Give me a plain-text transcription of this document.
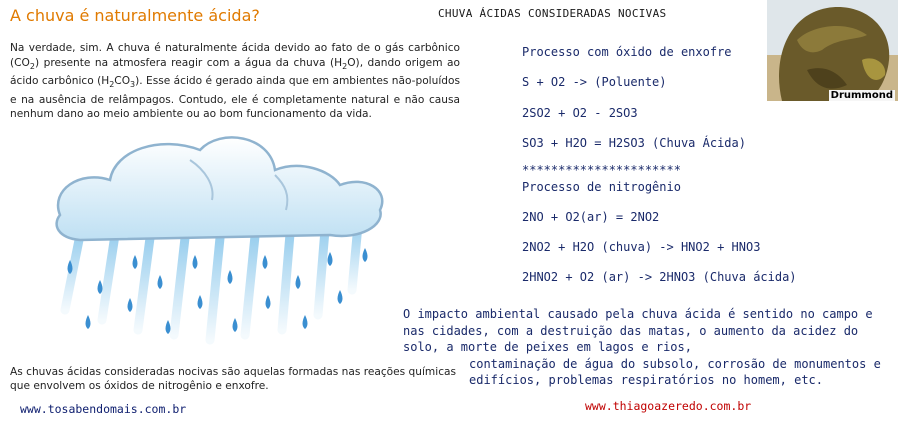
A chuva é naturalmente ácida?
Na verdade, sim. A chuva é naturalmente ácida devido ao fato de o gás carbônico $(CO_2)$ presente na atmosfera reagir com a água da chuva $(H_2O)$, dando origem ao ácido carbônico $(H_2CO_3)$. Esse ácido é gerado ainda que em ambientes não-poluídos e na ausência de relâmpagos. Contudo, ele é completamente natural e não causa nenhum dano ao meio ambiente ou ao bom funcionamento da vida.
CHUVA ÁCIDAS CONSIDERADAS NOCIVAS
Processo com óxido de enxofre
S + O2 -> (Poluente)
2SO2 + O2 - 2SO3
SO3 + H2O = H2SO3 (Chuva Ácida)
**********************
Processo de nitrogênio
2NO + O2(ar) = 2NO2
2NO2 + H2O (chuva) -> HNO2 + HNO3
2HNO2 + O2 (ar) -> 2HNO3 (Chuva ácida)
Drummond
O impacto ambiental causado pela chuva ácida é sentido no campo e nas cidades, com a destruição das matas, o aumento da acidez do solo, a morte de peixes em lagos e rios,
contaminação de água do subsolo, corrosão de monumentos e edifícios, problemas respiratórios no homem, etc.
As chuvas ácidas consideradas nocivas são aquelas formadas nas reações químicas que envolvem os óxidos de nitrogênio e enxofre.
www.tosabendomais.com.br	www.thiagoazeredo.com.br
